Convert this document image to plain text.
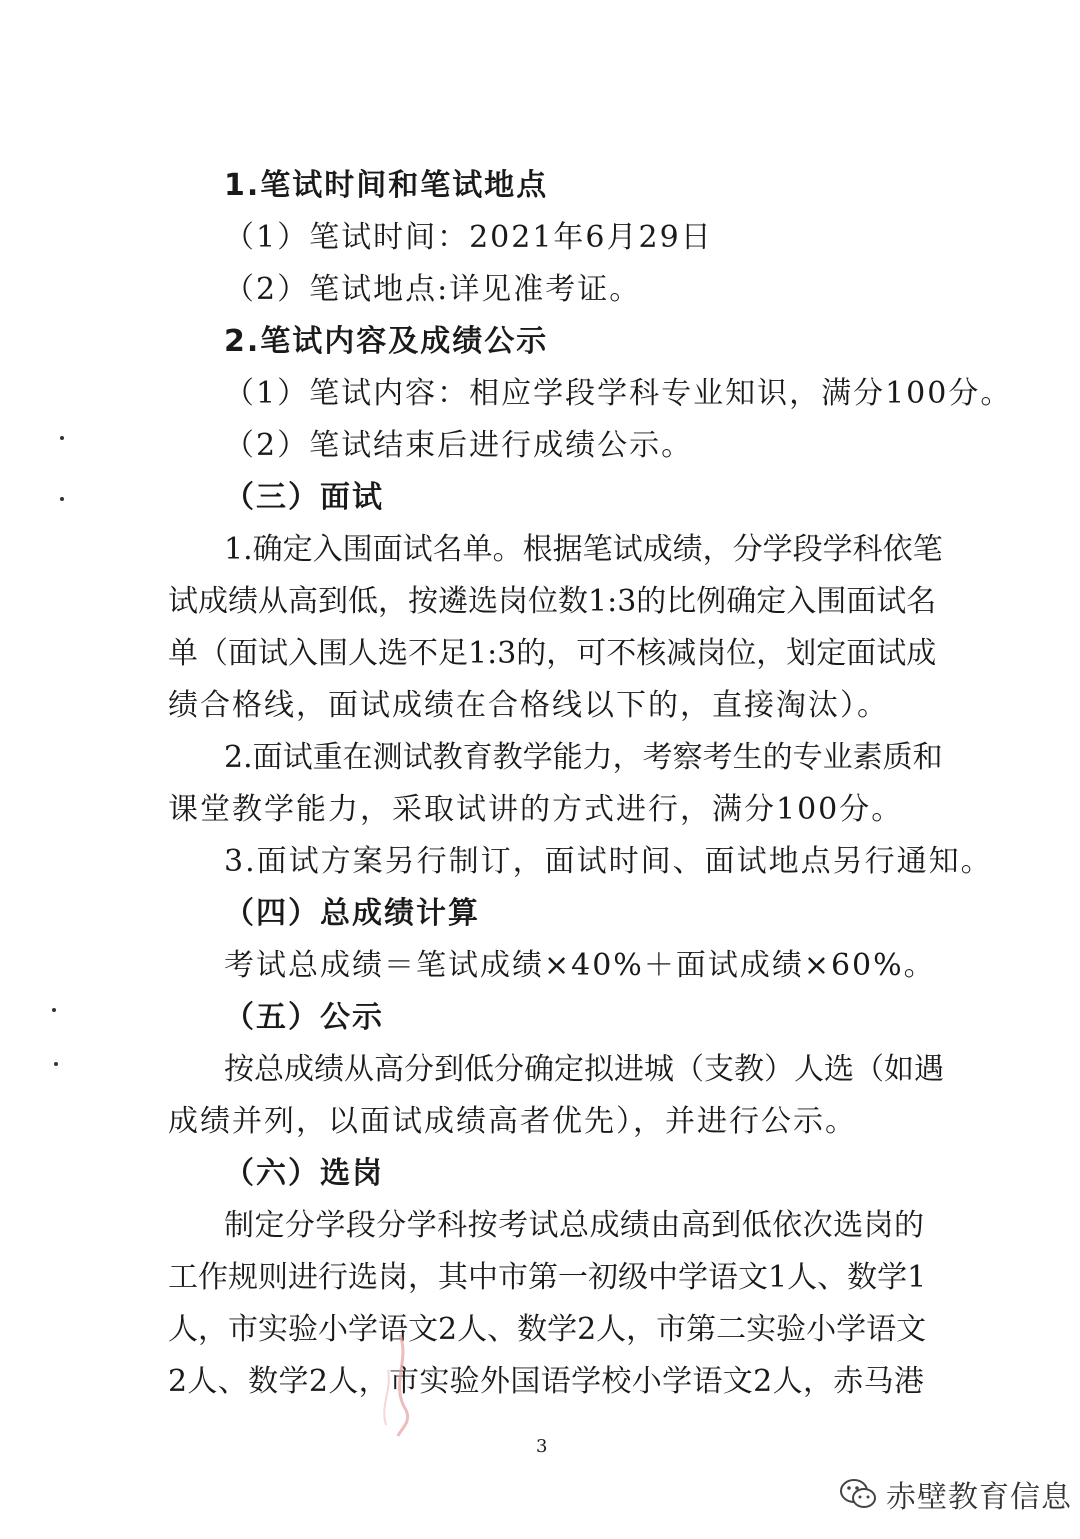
1.笔试时间和笔试地点
（1）笔试时间：2021年6月29日
（2）笔试地点:详见准考证。
2.笔试内容及成绩公示
（1）笔试内容：相应学段学科专业知识，满分100分。
（2）笔试结束后进行成绩公示。
（三）面试
1.确定入围面试名单。根据笔试成绩，分学段学科依笔
试成绩从高到低，按遴选岗位数1:3的比例确定入围面试名
单（面试入围人选不足1:3的，可不核减岗位，划定面试成
绩合格线，面试成绩在合格线以下的，直接淘汰）。
2.面试重在测试教育教学能力，考察考生的专业素质和
课堂教学能力，采取试讲的方式进行，满分100分。
3.面试方案另行制订，面试时间、面试地点另行通知。
（四）总成绩计算
考试总成绩＝笔试成绩×40%＋面试成绩×60%。
（五）公示
按总成绩从高分到低分确定拟进城（支教）人选（如遇
成绩并列，以面试成绩高者优先），并进行公示。
（六）选岗
制定分学段分学科按考试总成绩由高到低依次选岗的
工作规则进行选岗，其中市第一初级中学语文1人、数学1
人，市实验小学语文2人、数学2人，市第二实验小学语文
2人、数学2人，市实验外国语学校小学语文2人，赤马港
3
赤壁教育信息
